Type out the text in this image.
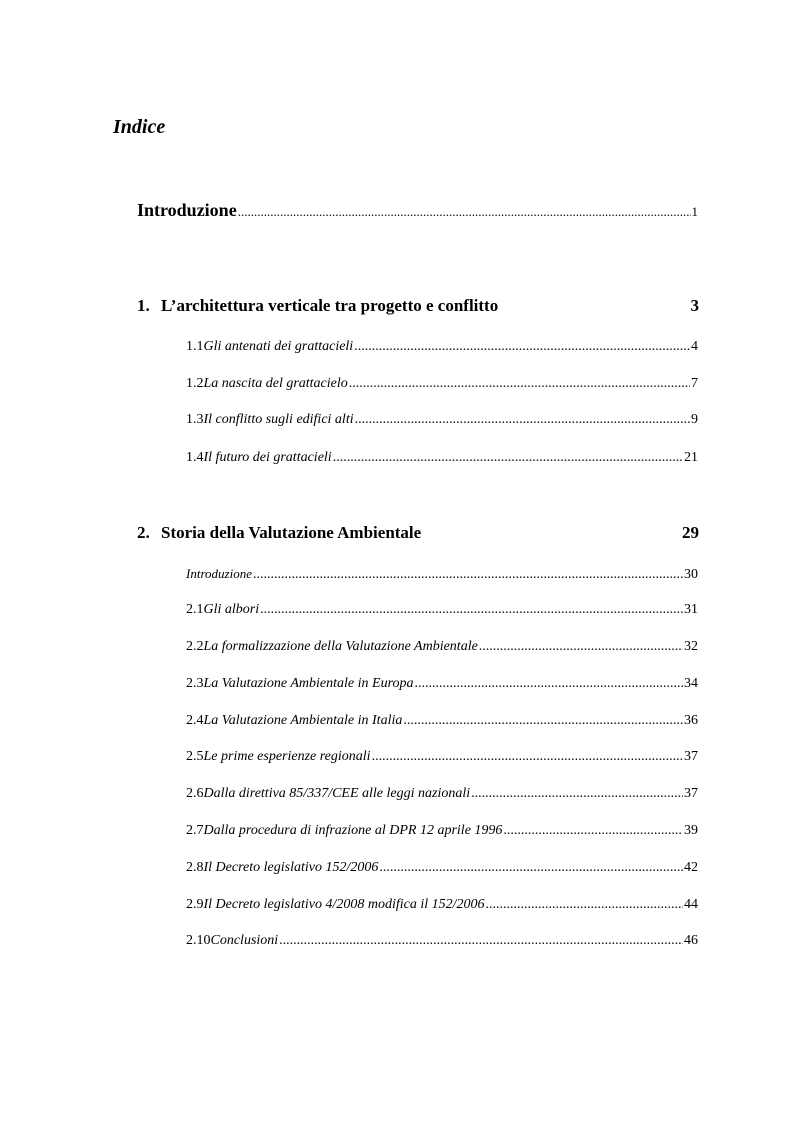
Indice
Introduzione .....	1
1. L’architettura verticale tra progetto e conflitto	3
1.1 Gli antenati dei grattacieli .....	4
1.2 La nascita del grattacielo .....	7
1.3 Il conflitto sugli edifici alti .....	9
1.4 Il futuro dei grattacieli .....	21
2. Storia della Valutazione Ambientale	29
Introduzione .....	30
2.1 Gli albori .....	31
2.2 La formalizzazione della Valutazione Ambientale .....	32
2.3 La Valutazione Ambientale in Europa .....	34
2.4 La Valutazione Ambientale in Italia .....	36
2.5 Le prime esperienze regionali .....	37
2.6 Dalla direttiva 85/337/CEE alle leggi nazionali .....	37
2.7 Dalla procedura di infrazione al DPR 12 aprile 1996 .....	39
2.8 Il Decreto legislativo 152/2006 .....	42
2.9 Il Decreto legislativo 4/2008 modifica il 152/2006 .....	44
2.10 Conclusioni .....	46
